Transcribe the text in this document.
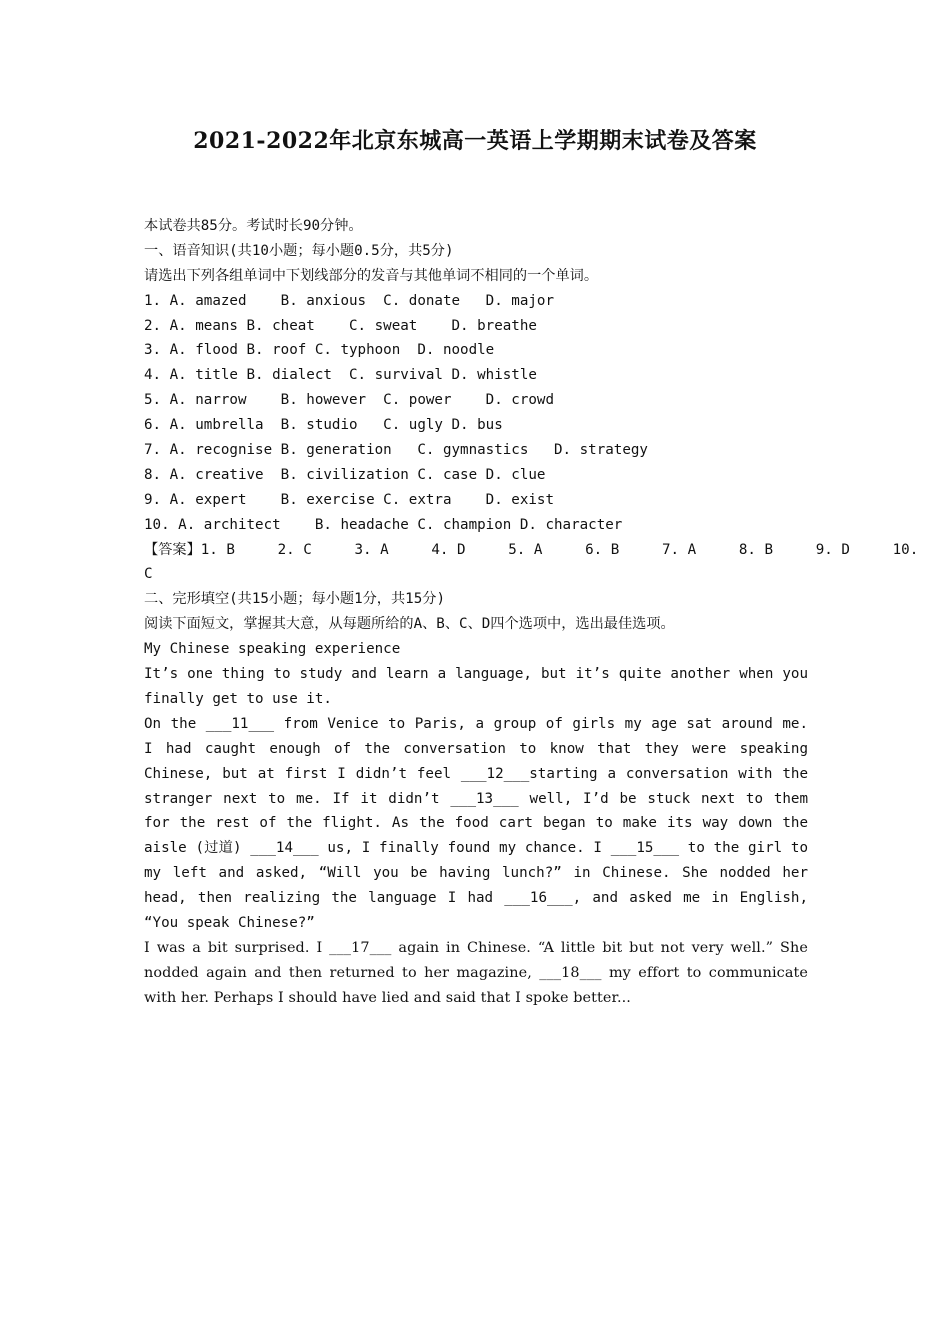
2021-2022年北京东城高一英语上学期期末试卷及答案
本试卷共85分。考试时长90分钟。
一、语音知识(共10小题；每小题0.5分，共5分)
请选出下列各组单词中下划线部分的发音与其他单词不相同的一个单词。
1. A. amazed    B. anxious  C. donate   D. major
2. A. means B. cheat    C. sweat    D. breathe
3. A. flood B. roof C. typhoon  D. noodle
4. A. title B. dialect  C. survival D. whistle
5. A. narrow    B. however  C. power    D. crowd
6. A. umbrella  B. studio   C. ugly D. bus
7. A. recognise B. generation   C. gymnastics   D. strategy
8. A. creative  B. civilization C. case D. clue
9. A. expert    B. exercise C. extra    D. exist
10. A. architect    B. headache C. champion D. character
【答案】1. B     2. C     3. A     4. D     5. A     6. B     7. A     8. B     9. D     10.
C
二、完形填空(共15小题；每小题1分，共15分)
阅读下面短文，掌握其大意，从每题所给的A、B、C、D四个选项中，选出最佳选项。
My Chinese speaking experience
It’s one thing to study and learn a language, but it’s quite another when you finally get to use it.
On the ___11___ from Venice to Paris, a group of girls my age sat around me. I had caught enough of the conversation to know that they were speaking Chinese, but at first I didn’t feel ___12___starting a conversation with the stranger next to me. If it didn’t ___13___ well, I’d be stuck next to them for the rest of the flight. As the food cart began to make its way down the aisle (过道) ___14___ us, I finally found my chance. I ___15___ to the girl to my left and asked, “Will you be having lunch?” in Chinese. She nodded her head, then realizing the language I had ___16___, and asked me in English, “You speak Chinese?”
I was a bit surprised. I ___17___ again in Chinese. “A little bit but not very well.” She nodded again and then returned to her magazine, ___18___ my effort to communicate with her. Perhaps I should have lied and said that I spoke better...
